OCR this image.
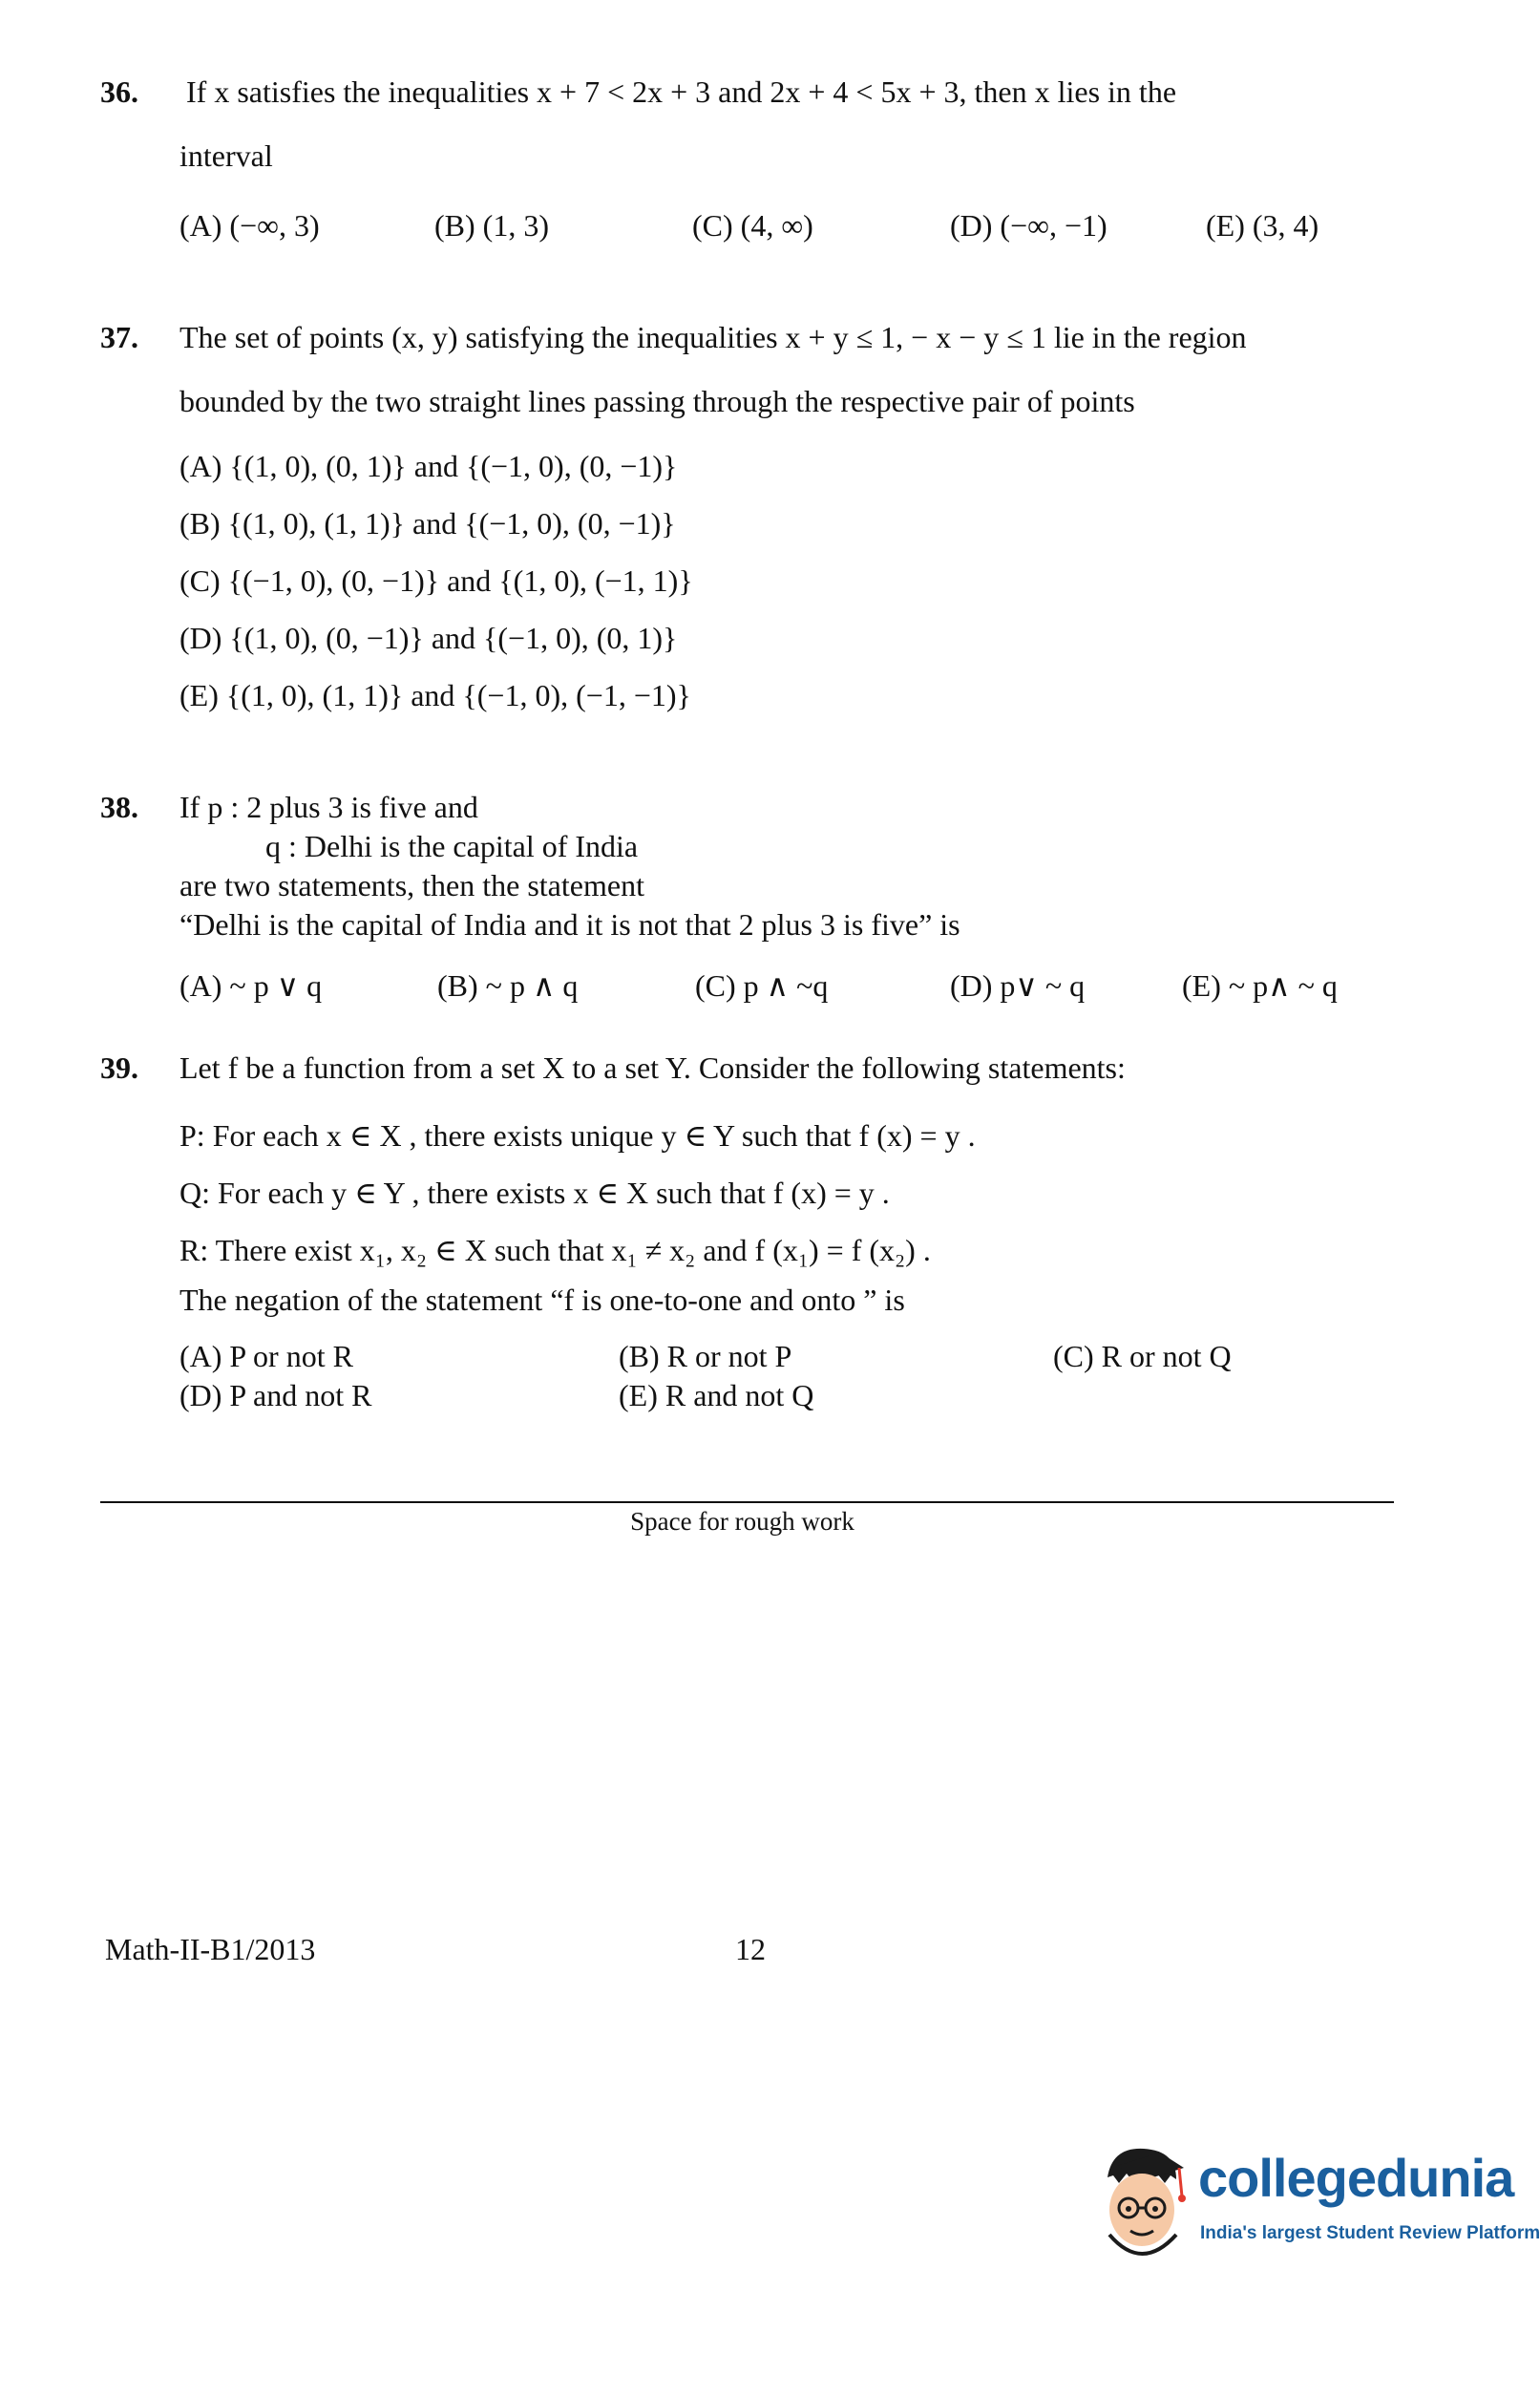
36. If x satisfies the inequalities x + 7 < 2x + 3 and 2x + 4 < 5x + 3, then x lies in the
interval
(A) (−∞, 3)	(B) (1, 3)	(C) (4, ∞)	(D) (−∞, −1)	(E) (3, 4)
37. The set of points (x, y) satisfying the inequalities x + y ≤ 1, − x − y ≤ 1 lie in the region
bounded by the two straight lines passing through the respective pair of points
(A) {(1, 0), (0, 1)} and {(−1, 0), (0, −1)}
(B) {(1, 0), (1, 1)} and {(−1, 0), (0, −1)}
(C) {(−1, 0), (0, −1)} and {(1, 0), (−1, 1)}
(D) {(1, 0), (0, −1)} and {(−1, 0), (0, 1)}
(E) {(1, 0), (1, 1)} and {(−1, 0), (−1, −1)}
38. If p : 2 plus 3 is five and
q : Delhi is the capital of India
are two statements, then the statement
“Delhi is the capital of India and it is not that 2 plus 3 is five” is
(A) ~ p ∨ q	(B) ~ p ∧ q	(C) p ∧ ~q	(D) p∨ ~ q	(E) ~ p∧ ~ q
39. Let f be a function from a set X to a set Y. Consider the following statements:
P: For each x ∈ X , there exists unique y ∈ Y such that f (x) = y .
Q: For each y ∈ Y , there exists x ∈ X such that f (x) = y .
R: There exist x₁, x₂ ∈ X such that x₁ ≠ x₂ and f (x₁) = f (x₂) .
The negation of the statement “f is one-to-one and onto ” is
(A) P or not R	(B) R or not P	(C) R or not Q
(D) P and not R	(E) R and not Q
Space for rough work
Math-II-B1/2013	12
collegedunia
India's largest Student Review Platform
